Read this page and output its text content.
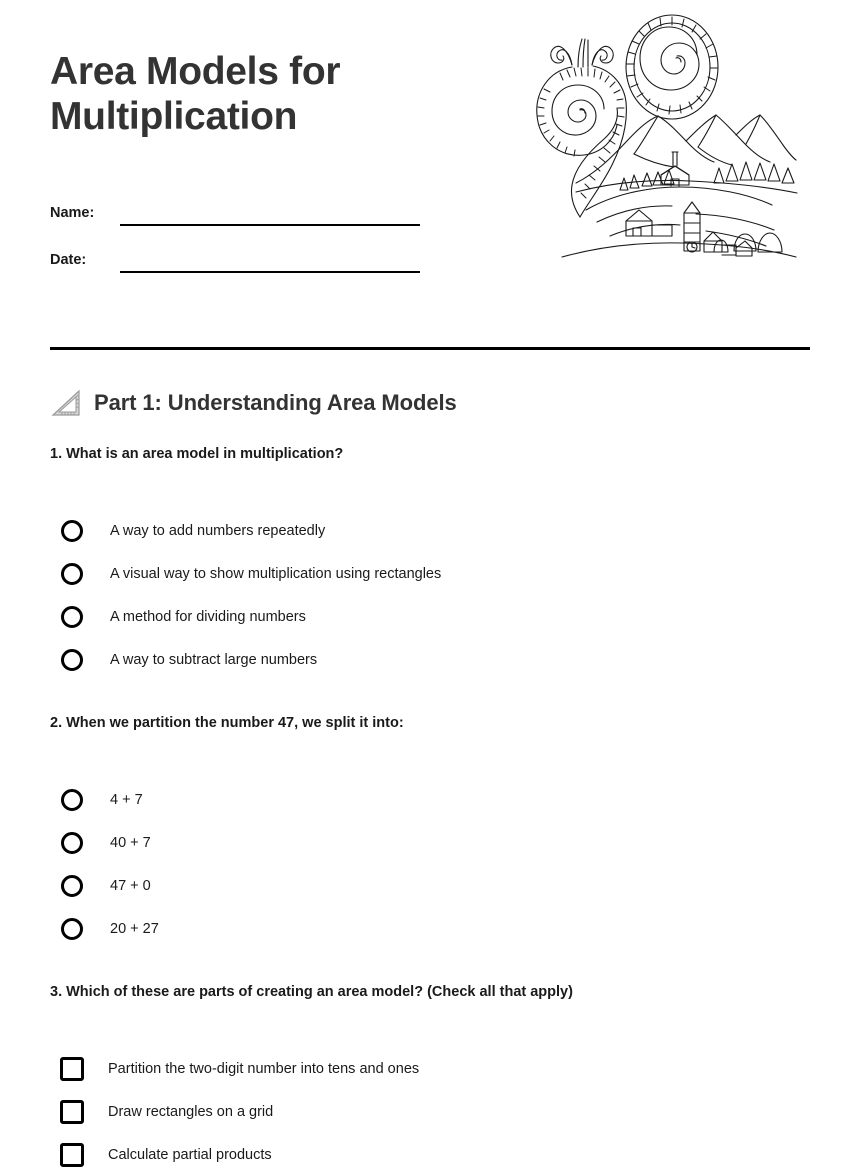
Area Models for Multiplication
Name:
Date:
Part 1: Understanding Area Models

1. What is an area model in multiplication?

A way to add numbers repeatedly
A visual way to show multiplication using rectangles
A method for dividing numbers
A way to subtract large numbers

2. When we partition the number 47, we split it into:

4 + 7
40 + 7
47 + 0
20 + 27

3. Which of these are parts of creating an area model? (Check all that apply)

Partition the two-digit number into tens and ones
Draw rectangles on a grid
Calculate partial products
